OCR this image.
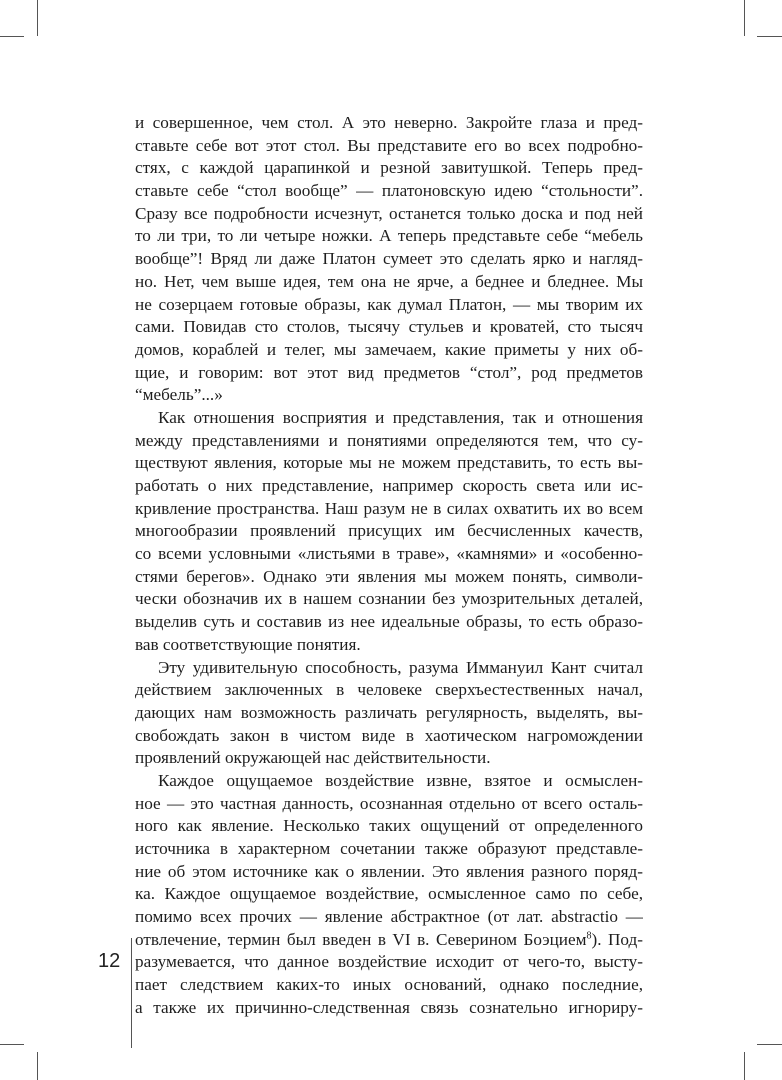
и совершенное, чем стол. А это неверно. Закройте глаза и пред-
ставьте себе вот этот стол. Вы представите его во всех подробно-
стях, с каждой царапинкой и резной завитушкой. Теперь пред-
ставьте себе “стол вообще” — платоновскую идею “стольности”.
Сразу все подробности исчезнут, останется только доска и под ней
то ли три, то ли четыре ножки. А теперь представьте себе “мебель
вообще”! Вряд ли даже Платон сумеет это сделать ярко и нагляд-
но. Нет, чем выше идея, тем она не ярче, а беднее и бледнее. Мы
не созерцаем готовые образы, как думал Платон, — мы творим их
сами. Повидав сто столов, тысячу стульев и кроватей, сто тысяч
домов, кораблей и телег, мы замечаем, какие приметы у них об-
щие, и говорим: вот этот вид предметов “стол”, род предметов
“мебель”...»
Как отношения восприятия и представления, так и отношения
между представлениями и понятиями определяются тем, что су-
ществуют явления, которые мы не можем представить, то есть вы-
работать о них представление, например скорость света или ис-
кривление пространства. Наш разум не в силах охватить их во всем
многообразии проявлений присущих им бесчисленных качеств,
со всеми условными «листьями в траве», «камнями» и «особенно-
стями берегов». Однако эти явления мы можем понять, символи-
чески обозначив их в нашем сознании без умозрительных деталей,
выделив суть и составив из нее идеальные образы, то есть образо-
вав соответствующие понятия.
Эту удивительную способность, разума Иммануил Кант считал
действием заключенных в человеке сверхъестественных начал,
дающих нам возможность различать регулярность, выделять, вы-
свобождать закон в чистом виде в хаотическом нагромождении
проявлений окружающей нас действительности.
Каждое ощущаемое воздействие извне, взятое и осмыслен-
ное — это частная данность, осознанная отдельно от всего осталь-
ного как явление. Несколько таких ощущений от определенного
источника в характерном сочетании также образуют представле-
ние об этом источнике как о явлении. Это явления разного поряд-
ка. Каждое ощущаемое воздействие, осмысленное само по себе,
помимо всех прочих — явление абстрактное (от лат. abstractio —
отвлечение, термин был введен в VI в. Северином Боэцием$^8$). Под-
разумевается, что данное воздействие исходит от чего-то, высту-
пает следствием каких-то иных оснований, однако последние,
а также их причинно-следственная связь сознательно игнориру-
12
